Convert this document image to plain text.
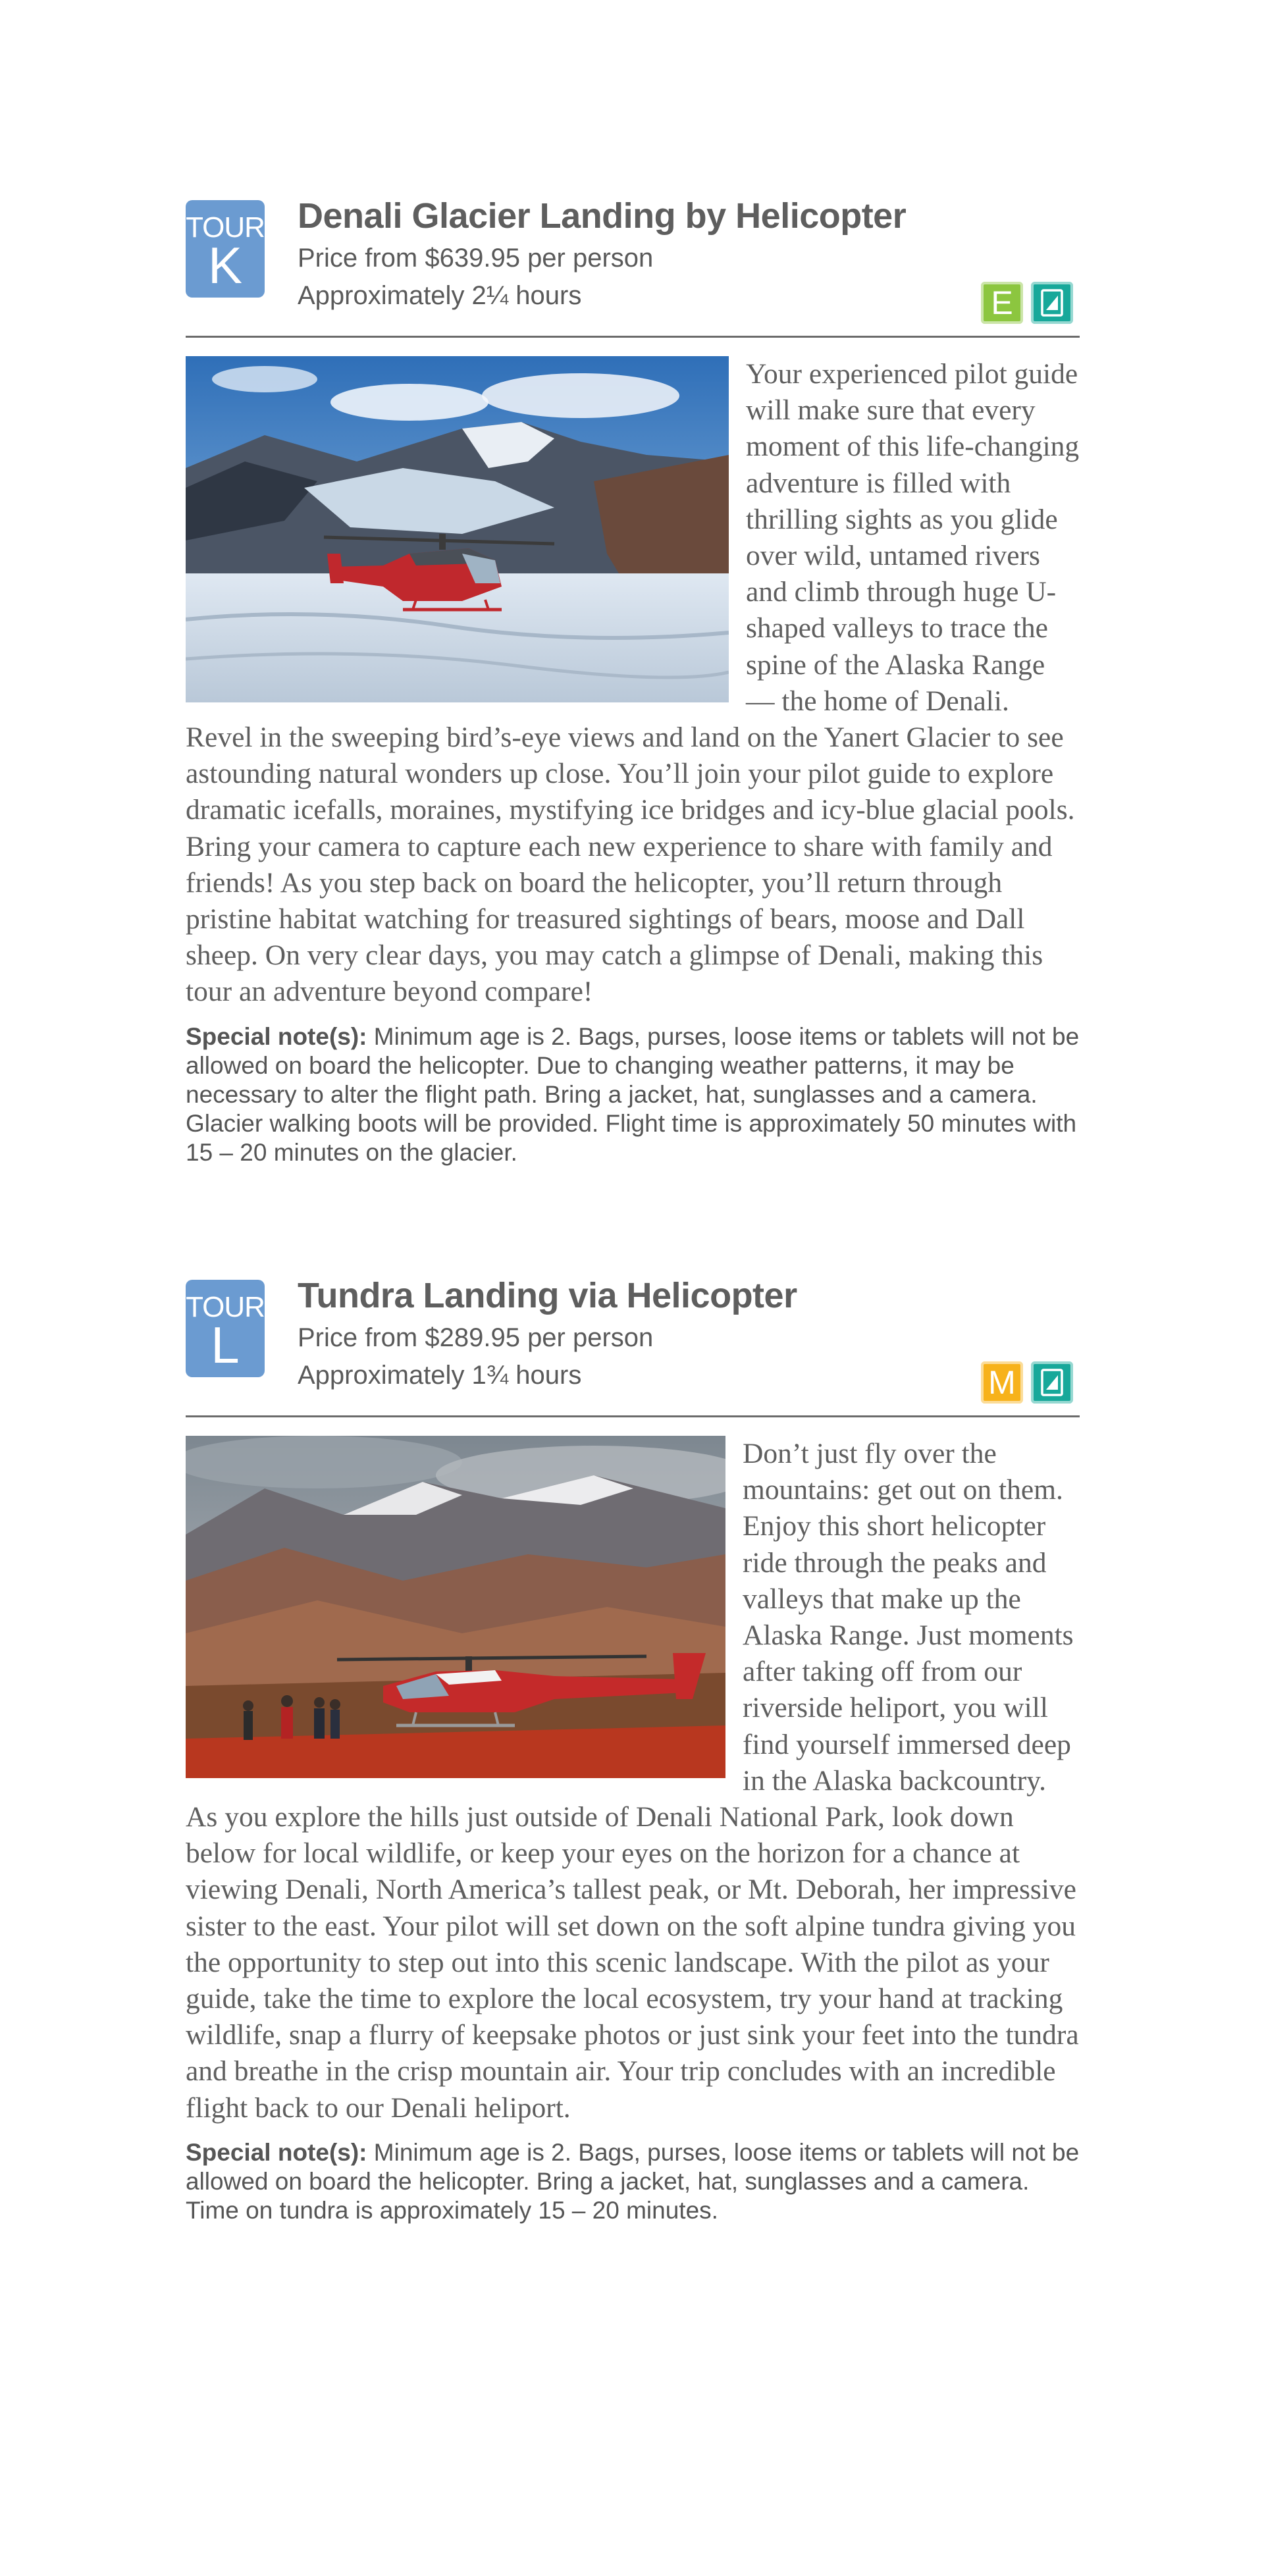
TOUR
K
Denali Glacier Landing by Helicopter
Price from $639.95 per person
Approximately 2¼ hours	E

Your experienced pilot guide will make sure that every moment of this life-changing adventure is filled with thrilling sights as you glide over wild, untamed rivers and climb through huge U-shaped valleys to trace the spine of the Alaska Range — the home of Denali. Revel in the sweeping bird’s-eye views and land on the Yanert Glacier to see astounding natural wonders up close. You’ll join your pilot guide to explore dramatic icefalls, moraines, mystifying ice bridges and icy-blue glacial pools. Bring your camera to capture each new experience to share with family and friends! As you step back on board the helicopter, you’ll return through pristine habitat watching for treasured sightings of bears, moose and Dall sheep. On very clear days, you may catch a glimpse of Denali, making this tour an adventure beyond compare!

Special note(s): Minimum age is 2. Bags, purses, loose items or tablets will not be allowed on board the helicopter. Due to changing weather patterns, it may be necessary to alter the flight path. Bring a jacket, hat, sunglasses and a camera. Glacier walking boots will be provided. Flight time is approximately 50 minutes with 15 – 20 minutes on the glacier.
TOUR
L
Tundra Landing via Helicopter
Price from $289.95 per person
Approximately 1¾ hours	M

Don’t just fly over the mountains: get out on them. Enjoy this short helicopter ride through the peaks and valleys that make up the Alaska Range. Just moments after taking off from our riverside heliport, you will find yourself immersed deep in the Alaska backcountry. As you explore the hills just outside of Denali National Park, look down below for local wildlife, or keep your eyes on the horizon for a chance at viewing Denali, North America’s tallest peak, or Mt. Deborah, her impressive sister to the east. Your pilot will set down on the soft alpine tundra giving you the opportunity to step out into this scenic landscape. With the pilot as your guide, take the time to explore the local ecosystem, try your hand at tracking wildlife, snap a flurry of keepsake photos or just sink your feet into the tundra and breathe in the crisp mountain air. Your trip concludes with an incredible flight back to our Denali heliport.

Special note(s): Minimum age is 2. Bags, purses, loose items or tablets will not be allowed on board the helicopter. Bring a jacket, hat, sunglasses and a camera. Time on tundra is approximately 15 – 20 minutes.
